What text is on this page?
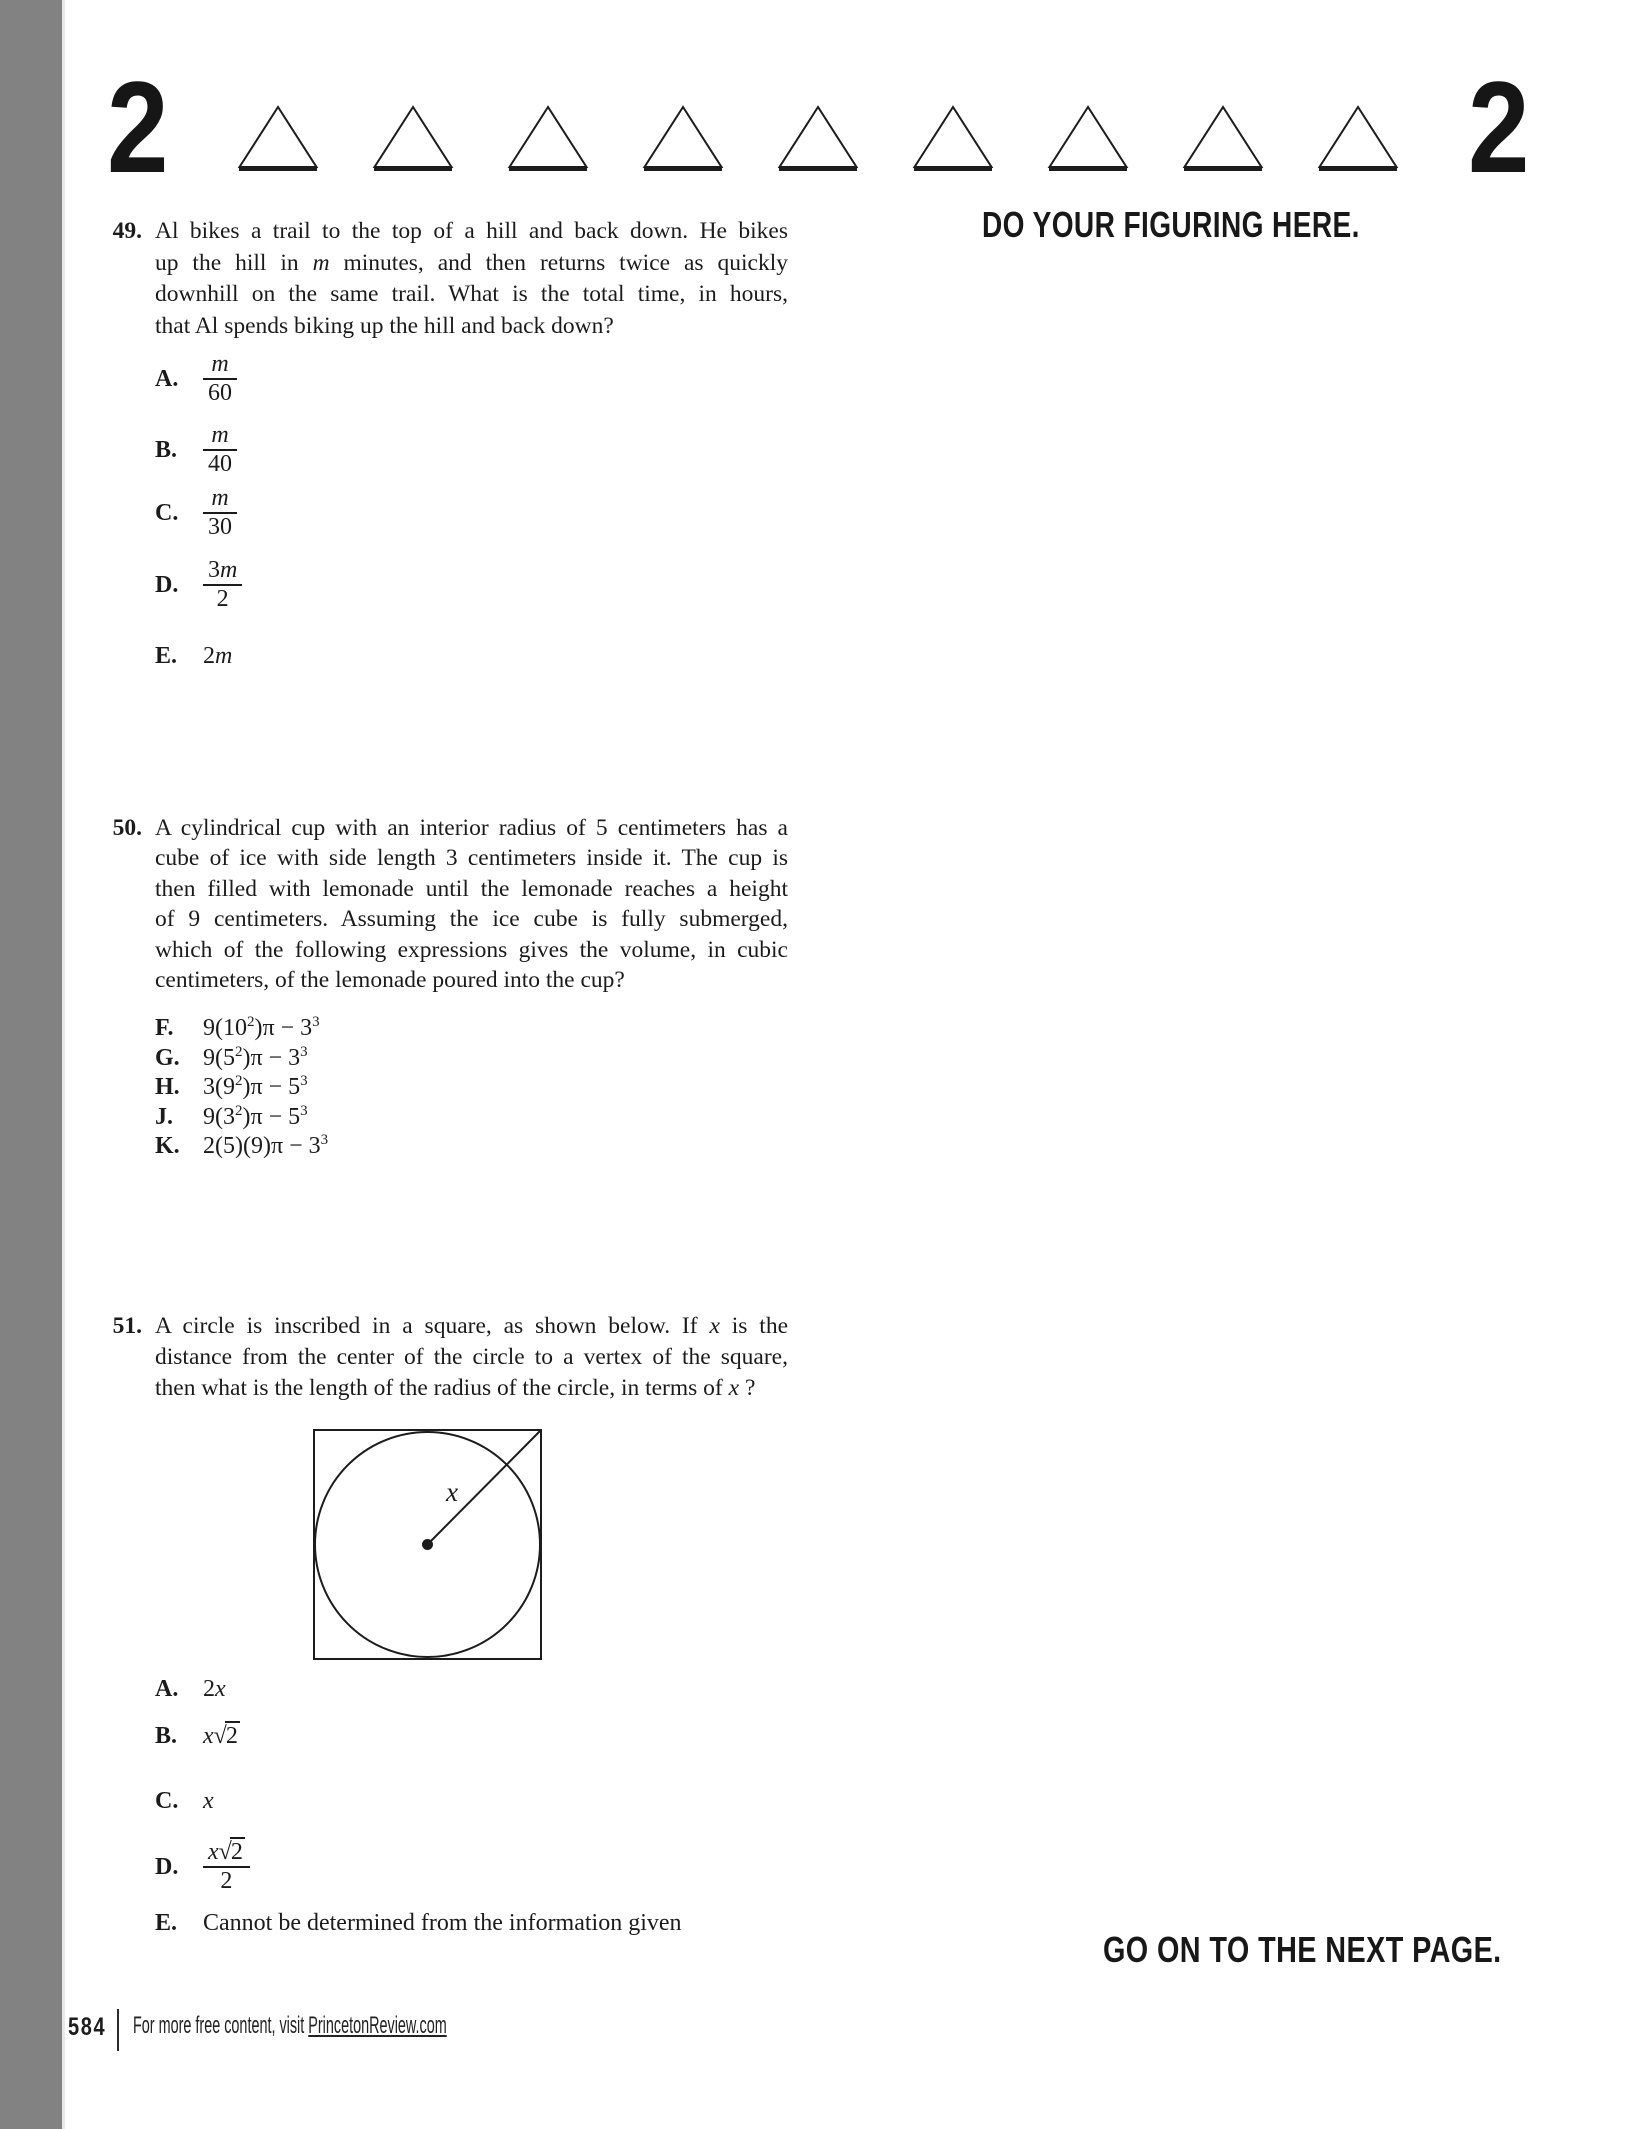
2	2
DO YOUR FIGURING HERE.
49. Al bikes a trail to the top of a hill and back down. He bikes
up the hill in m minutes, and then returns twice as quickly
downhill on the same trail. What is the total time, in hours,
that Al spends biking up the hill and back down?
A.	$\frac{m}{60}$
B.	$\frac{m}{40}$
C.	$\frac{m}{30}$
D.	$\frac{3m}{2}$
E. 2m
50. A cylindrical cup with an interior radius of 5 centimeters has a
cube of ice with side length 3 centimeters inside it. The cup is
then filled with lemonade until the lemonade reaches a height
of 9 centimeters. Assuming the ice cube is fully submerged,
which of the following expressions gives the volume, in cubic
centimeters, of the lemonade poured into the cup?
F. $9(10^2)\pi - 3^3$
G. $9(5^2)\pi - 3^3$
H. $3(9^2)\pi - 5^3$
J. $9(3^2)\pi - 5^3$
K. $2(5)(9)\pi - 3^3$
51. A circle is inscribed in a square, as shown below. If x is the
distance from the center of the circle to a vertex of the square,
then what is the length of the radius of the circle, in terms of x ?
x
A. 2x
B. x√2
C. x
D.	$\frac{x√2}{2}$
E. Cannot be determined from the information given
GO ON TO THE NEXT PAGE.
584 For more free content, visit PrincetonReview.com
